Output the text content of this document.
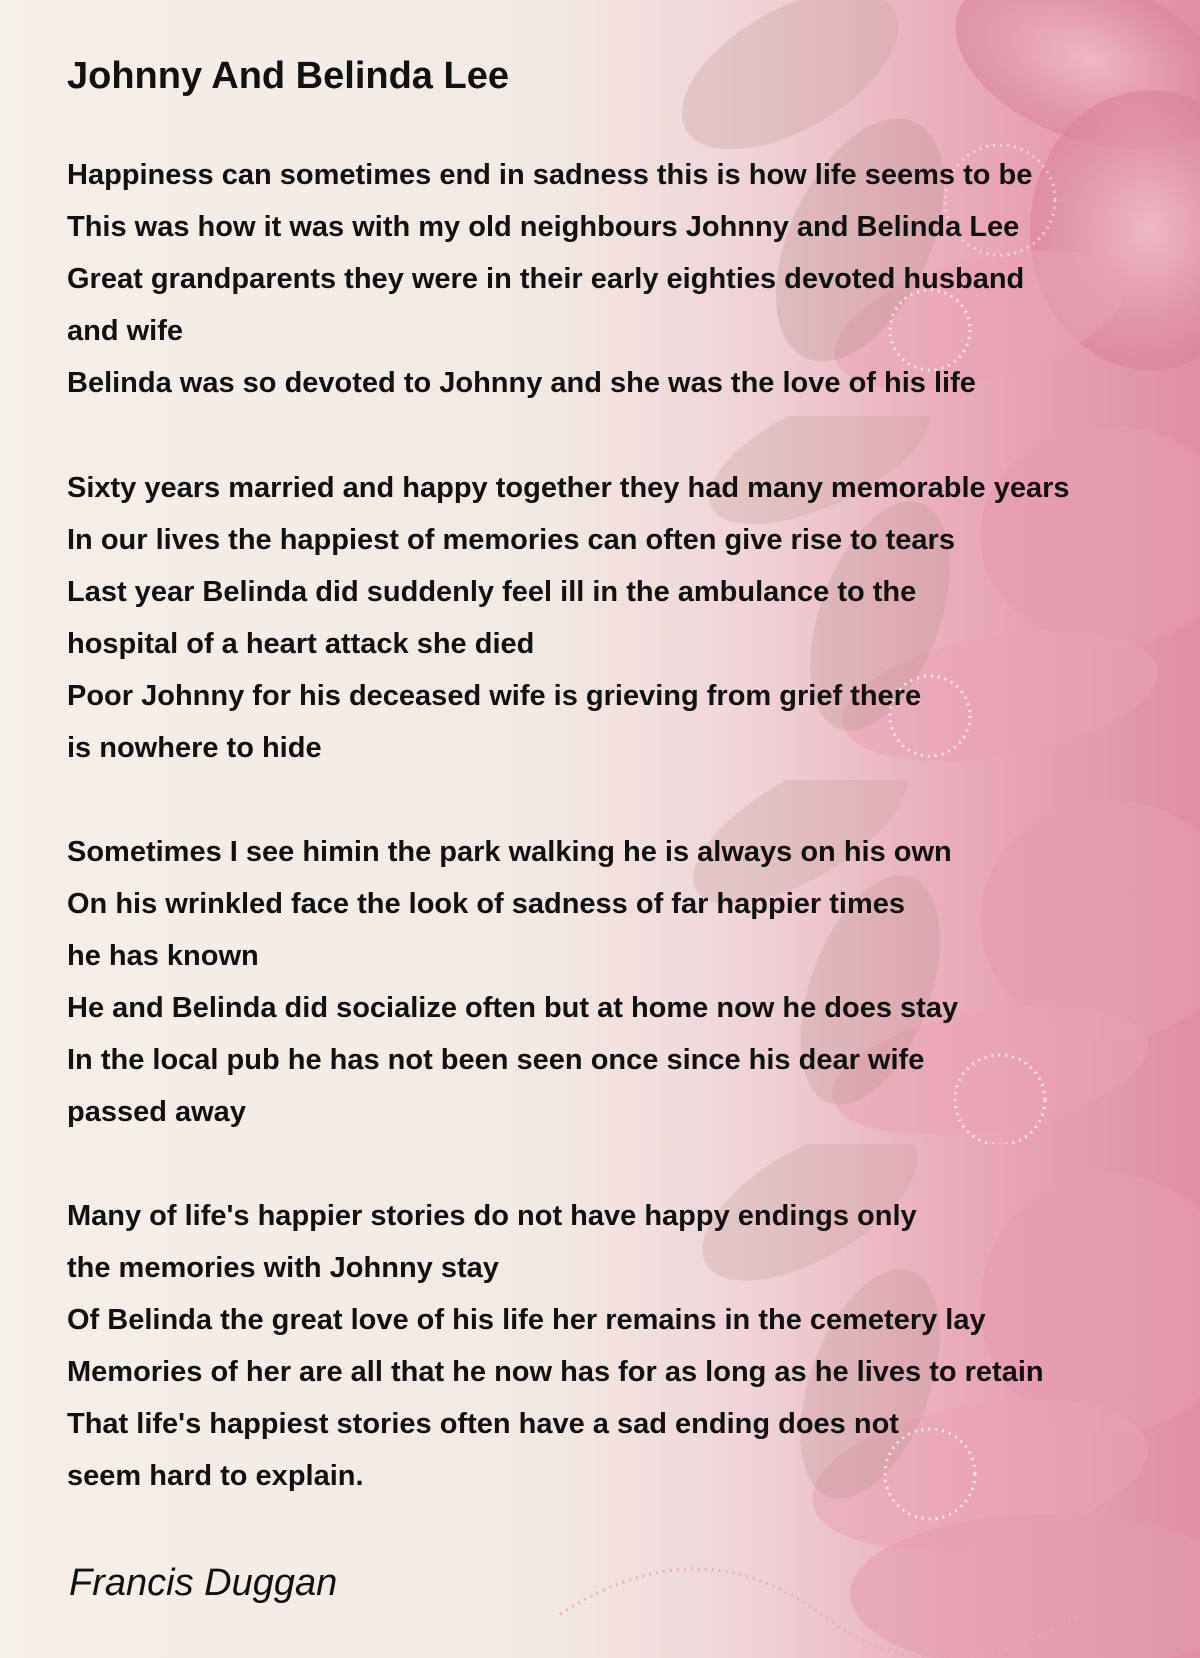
Johnny And Belinda Lee
Happiness can sometimes end in sadness this is how life seems to be
This was how it was with my old neighbours Johnny and Belinda Lee
Great grandparents they were in their early eighties devoted husband
and wife
Belinda was so devoted to Johnny and she was the love of his life
Sixty years married and happy together they had many memorable years
In our lives the happiest of memories can often give rise to tears
Last year Belinda did suddenly feel ill in the ambulance to the
hospital of a heart attack she died
Poor Johnny for his deceased wife is grieving from grief there
is nowhere to hide
Sometimes I see himin the park walking he is always on his own
On his wrinkled face the look of sadness of far happier times
he has known
He and Belinda did socialize often but at home now he does stay
In the local pub he has not been seen once since his dear wife
passed away
Many of life's happier stories do not have happy endings only
the memories with Johnny stay
Of Belinda the great love of his life her remains in the cemetery lay
Memories of her are all that he now has for as long as he lives to retain
That life's happiest stories often have a sad ending does not
seem hard to explain.

Francis Duggan
